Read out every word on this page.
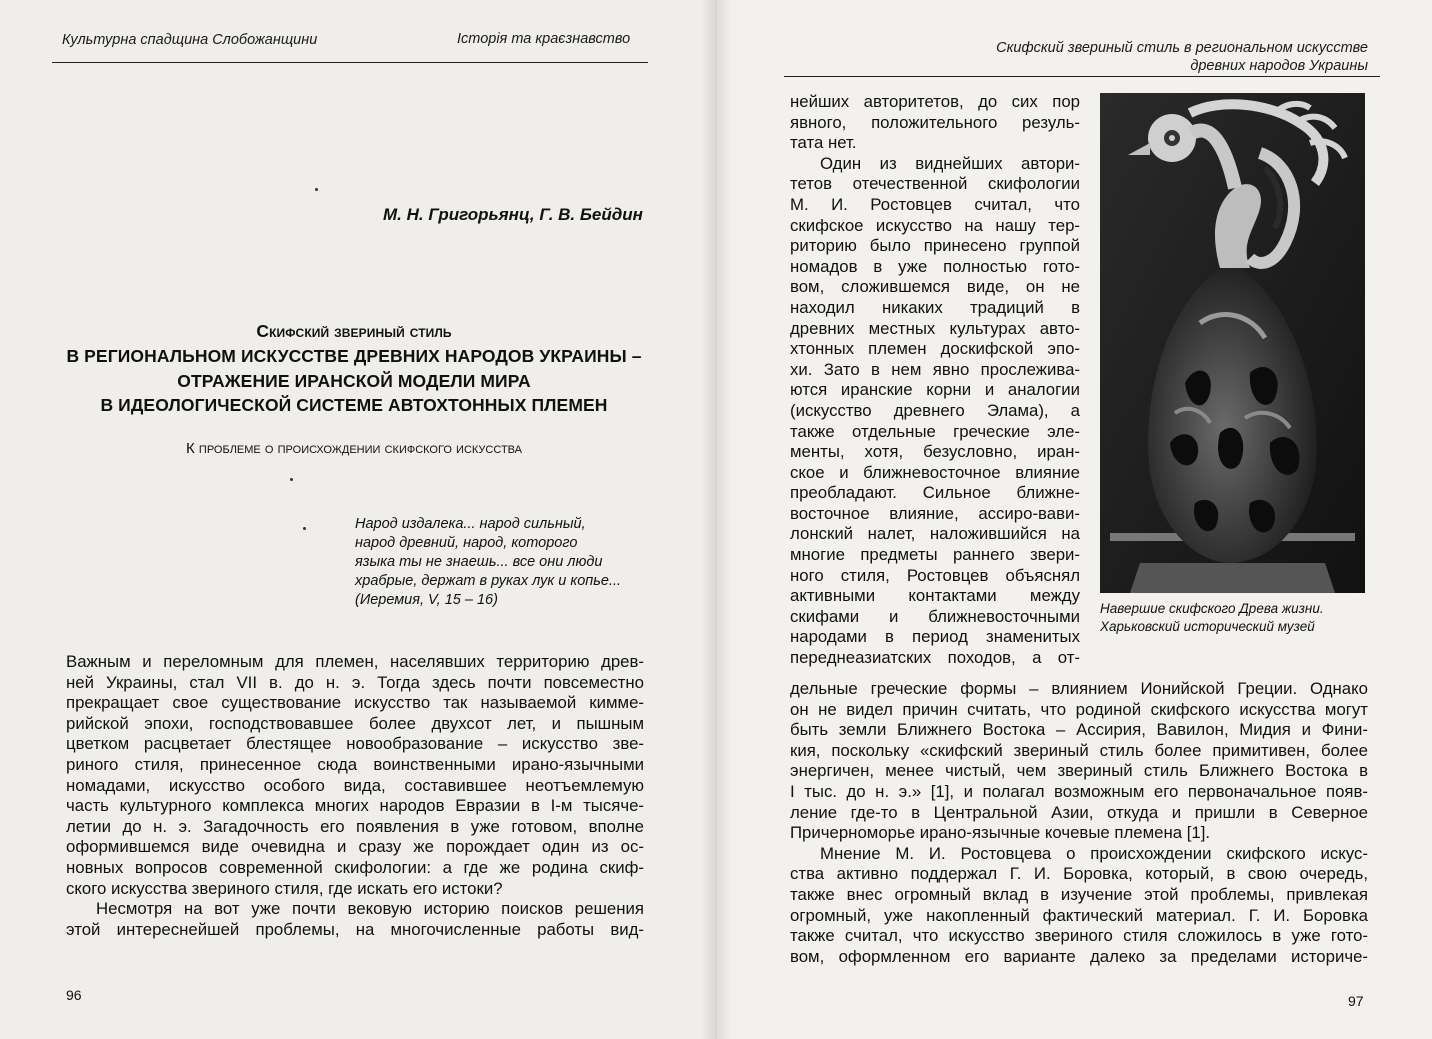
Культурна спадщина Слобожанщини	Історія та краєзнавство
М. Н. Григорьянц, Г. В. Бейдин
Скифский звериный стиль
В РЕГИОНАЛЬНОМ ИСКУССТВЕ ДРЕВНИХ НАРОДОВ УКРАИНЫ –
ОТРАЖЕНИЕ ИРАНСКОЙ МОДЕЛИ МИРА
В ИДЕОЛОГИЧЕСКОЙ СИСТЕМЕ АВТОХТОННЫХ ПЛЕМЕН
К проблеме о происхождении скифского искусства
Народ издалека... народ сильный,
народ древний, народ, которого
языка ты не знаешь... все они люди
храбрые, держат в руках лук и копье...
(Иеремия, V, 15 – 16)
Важным и переломным для племен, населявших территорию древ-
ней Украины, стал VII в. до н. э. Тогда здесь почти повсеместно
прекращает свое существование искусство так называемой кимме-
рийской эпохи, господствовавшее более двухсот лет, и пышным
цветком расцветает блестящее новообразование – искусство зве-
риного стиля, принесенное сюда воинственными ирано-язычными
номадами, искусство особого вида, составившее неотъемлемую
часть культурного комплекса многих народов Евразии в I-м тысяче-
летии до н. э. Загадочность его появления в уже готовом, вполне
оформившемся виде очевидна и сразу же порождает один из ос-
новных вопросов современной скифологии: а где же родина скиф-
ского искусства звериного стиля, где искать его истоки?
Несмотря на вот уже почти вековую историю поисков решения
этой интереснейшей проблемы, на многочисленные работы вид-
96
Скифский звериный стиль в региональном искусстве
древних народов Украины
нейших авторитетов, до сих пор
явного, положительного резуль-
тата нет.
Один из виднейших автори-
тетов отечественной скифологии
М. И. Ростовцев считал, что
скифское искусство на нашу тер-
риторию было принесено группой
номадов в уже полностью гото-
вом, сложившемся виде, он не
находил никаких традиций в
древних местных культурах авто-
хтонных племен доскифской эпо-
хи. Зато в нем явно прослежива-
ются иранские корни и аналогии
(искусство древнего Элама), а
также отдельные греческие эле-
менты, хотя, безусловно, иран-
ское и ближневосточное влияние
преобладают. Сильное ближне-
восточное влияние, ассиро-вави-
лонский налет, наложившийся на
многие предметы раннего звери-
ного стиля, Ростовцев объяснял
активными контактами между
скифами и ближневосточными
народами в период знаменитых
переднеазиатских походов, а от-
дельные греческие формы – влиянием Ионийской Греции. Однако
он не видел причин считать, что родиной скифского искусства могут
быть земли Ближнего Востока – Ассирия, Вавилон, Мидия и Фини-
кия, поскольку «скифский звериный стиль более примитивен, более
энергичен, менее чистый, чем звериный стиль Ближнего Востока в
I тыс. до н. э.» [1], и полагал возможным его первоначальное появ-
ление где-то в Центральной Азии, откуда и пришли в Северное
Причерноморье ирано-язычные кочевые племена [1].
Мнение М. И. Ростовцева о происхождении скифского искус-
ства активно поддержал Г. И. Боровка, который, в свою очередь,
также внес огромный вклад в изучение этой проблемы, привлекая
огромный, уже накопленный фактический материал. Г. И. Боровка
также считал, что искусство звериного стиля сложилось в уже гото-
вом, оформленном его варианте далеко за пределами историче-
Навершие скифского Древа жизни.
Харьковский исторический музей
97
